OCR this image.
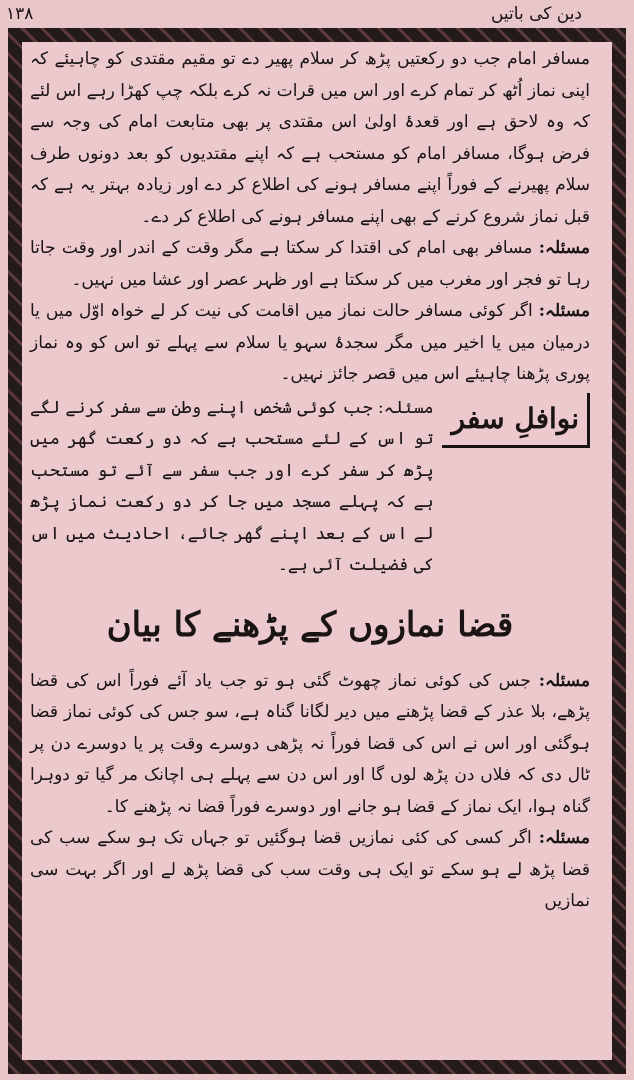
دین کی باتیں
۱۳۸

مسافر امام جب دو رکعتیں پڑھ کر سلام پھیر دے تو مقیم مقتدی کو چاہیئے کہ اپنی نماز اُٹھ کر تمام کرے اور اس میں قرات نہ کرے بلکہ چپ کھڑا رہے اس لئے کہ وہ لاحق ہے اور قعدۂ اولیٰ اس مقتدی پر بھی متابعت امام کی وجہ سے فرض ہوگا، مسافر امام کو مستحب ہے کہ اپنے مقتدیوں کو بعد دونوں طرف سلام پھیرنے کے فوراً اپنے مسافر ہونے کی اطلاع کر دے اور زیادہ بہتر یہ ہے کہ قبل نماز شروع کرنے کے بھی اپنے مسافر ہونے کی اطلاع کر دے۔

مسئلہ: مسافر بھی امام کی اقتدا کر سکتا ہے مگر وقت کے اندر اور وقت جاتا رہا تو فجر اور مغرب میں کر سکتا ہے اور ظہر عصر اور عشا میں نہیں۔

مسئلہ: اگر کوئی مسافر حالت نماز میں اقامت کی نیت کر لے خواہ اوّل میں یا درمیان میں یا اخیر میں مگر سجدۂ سہو یا سلام سے پہلے تو اس کو وہ نماز پوری پڑھنا چاہیئے اس میں قصر جائز نہیں۔

نوافلِ سفر
مسئلہ: جب کوئی شخص اپنے وطن سے سفر کرنے لگے تو اس کے لئے مستحب ہے کہ دو رکعت گھر میں پڑھ کر سفر کرے اور جب سفر سے آئے تو مستحب ہے کہ پہلے مسجد میں جا کر دو رکعت نماز پڑھ لے اس کے بعد اپنے گھر جائے، احادیث میں اس کی فضیلت آئی ہے۔
قضا نمازوں کے پڑھنے کا بیان

مسئلہ: جس کی کوئی نماز چھوٹ گئی ہو تو جب یاد آئے فوراً اس کی قضا پڑھے، بلا عذر کے قضا پڑھنے میں دیر لگانا گناہ ہے، سو جس کی کوئی نماز قضا ہوگئی اور اس نے اس کی قضا فوراً نہ پڑھی دوسرے وقت پر یا دوسرے دن پر ٹال دی کہ فلاں دن پڑھ لوں گا اور اس دن سے پہلے ہی اچانک مر گیا تو دوہرا گناہ ہوا، ایک نماز کے قضا ہو جانے اور دوسرے فوراً قضا نہ پڑھنے کا۔

مسئلہ: اگر کسی کی کئی نمازیں قضا ہوگئیں تو جہاں تک ہو سکے سب کی قضا پڑھ لے ہو سکے تو ایک ہی وقت سب کی قضا پڑھ لے اور اگر بہت سی نمازیں
